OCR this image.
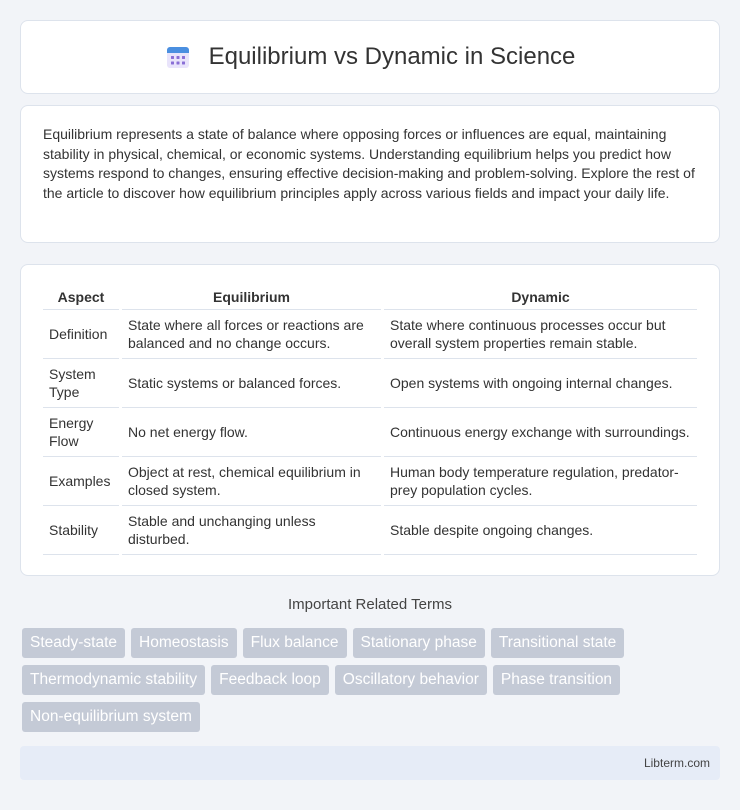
Equilibrium vs Dynamic in Science

Equilibrium represents a state of balance where opposing forces or influences are equal, maintaining stability in physical, chemical, or economic systems. Understanding equilibrium helps you predict how systems respond to changes, ensuring effective decision-making and problem-solving. Explore the rest of the article to discover how equilibrium principles apply across various fields and impact your daily life.

Aspect	Equilibrium	Dynamic
Definition	State where all forces or reactions are balanced and no change occurs.	State where continuous processes occur but overall system properties remain stable.
System Type	Static systems or balanced forces.	Open systems with ongoing internal changes.
Energy Flow	No net energy flow.	Continuous energy exchange with surroundings.
Examples	Object at rest, chemical equilibrium in closed system.	Human body temperature regulation, predator-prey population cycles.
Stability	Stable and unchanging unless disturbed.	Stable despite ongoing changes.
Important Related Terms
Steady-state	Homeostasis	Flux balance	Stationary phase	Transitional state
Thermodynamic stability	Feedback loop	Oscillatory behavior	Phase transition
Non-equilibrium system
Libterm.com
